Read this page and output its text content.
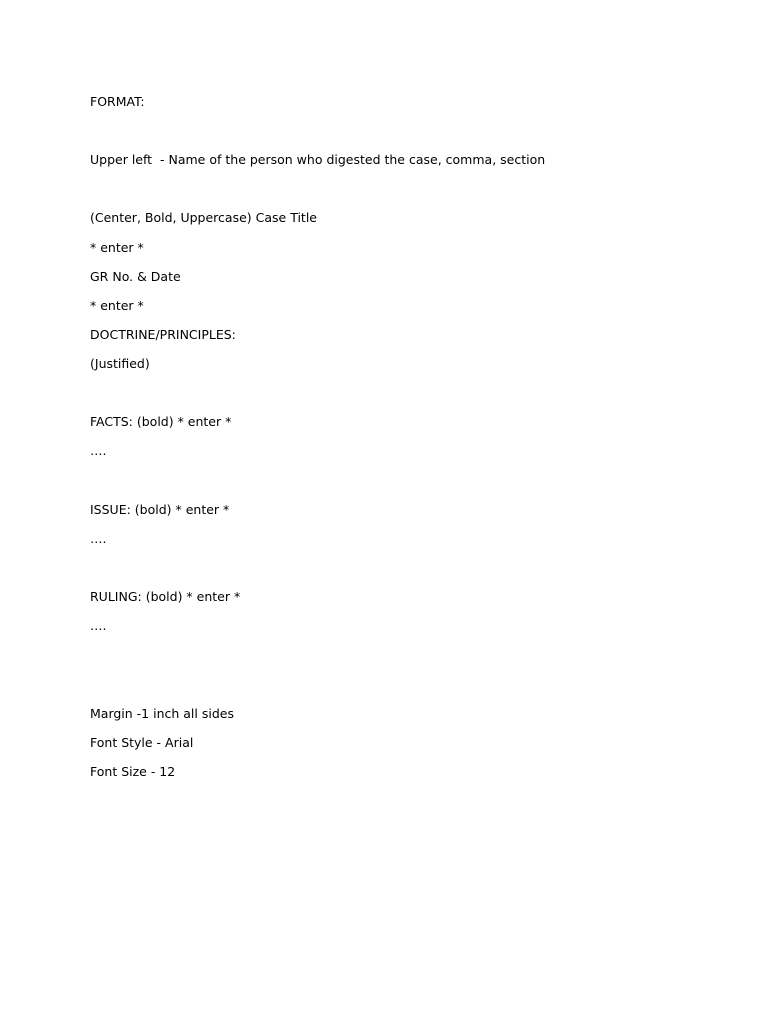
FORMAT:

Upper left  - Name of the person who digested the case, comma, section

(Center, Bold, Uppercase) Case Title

* enter *

GR No. & Date

* enter *

DOCTRINE/PRINCIPLES:

(Justified)

FACTS: (bold) * enter *

….

ISSUE: (bold) * enter *

….

RULING: (bold) * enter *

….

Margin -1 inch all sides

Font Style - Arial

Font Size - 12
